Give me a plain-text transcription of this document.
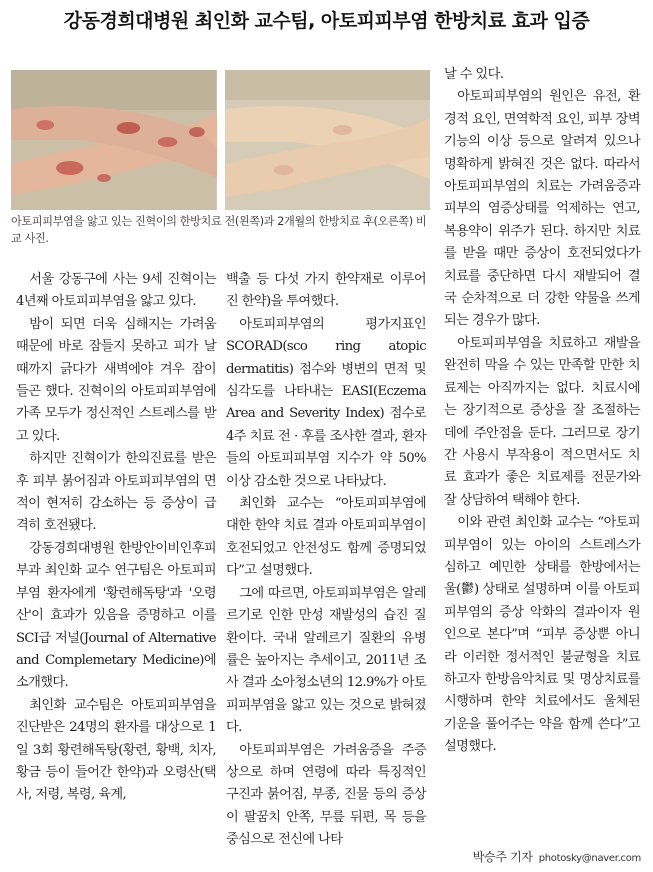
강동경희대병원 최인화 교수팀, 아토피피부염 한방치료 효과 입증
아토피피부염을 앓고 있는 진혁이의 한방치료 전(왼쪽)과 2개월의 한방치료 후(오른쪽) 비교 사진.

서울 강동구에 사는 9세 진혁이는 4년째 아토피피부염을 앓고 있다.

밤이 되면 더욱 심해지는 가려움 때문에 바로 잠들지 못하고 피가 날 때까지 긁다가 새벽에야 겨우 잠이 들곤 했다. 진혁이의 아토피피부염에 가족 모두가 정신적인 스트레스를 받고 있다.

하지만 진혁이가 한의진료를 받은 후 피부 붉어짐과 아토피피부염의 면적이 현저히 감소하는 등 증상이 급격히 호전됐다.

강동경희대병원 한방안이비인후피부과 최인화 교수 연구팀은 아토피피부염 환자에게 '황련해독탕'과 '오령산'이 효과가 있음을 증명하고 이를 SCI급 저널(Journal of Alternative and Complemetary Medicine)에 소개했다.

최인화 교수팀은 아토피피부염을 진단받은 24명의 환자를 대상으로 1일 3회 황련해독탕(황련, 황백, 치자, 황금 등이 들어간 한약)과 오령산(택사, 저령, 복령, 육계,

백출 등 다섯 가지 한약재로 이루어진 한약)을 투여했다.

아토피피부염의 평가지표인 SCORAD(sco ring atopic dermatitis) 점수와 병변의 면적 및 심각도를 나타내는 EASI(Eczema Area and Severity Index) 점수로 4주 치료 전 · 후를 조사한 결과, 환자들의 아토피피부염 지수가 약 50% 이상 감소한 것으로 나타났다.

최인화 교수는 “아토피피부염에 대한 한약 치료 결과 아토피피부염이 호전되었고 안전성도 함께 증명되었다”고 설명했다.

그에 따르면, 아토피피부염은 알레르기로 인한 만성 재발성의 습진 질환이다. 국내 알레르기 질환의 유병률은 높아지는 추세이고, 2011년 조사 결과 소아청소년의 12.9%가 아토피피부염을 앓고 있는 것으로 밝혀졌다.

아토피피부염은 가려움증을 주증상으로 하며 연령에 따라 특징적인 구진과 붉어짐, 부종, 진물 등의 증상이 팔꿈치 안쪽, 무릎 뒤편, 목 등을 중심으로 전신에 나타

날 수 있다.

아토피피부염의 원인은 유전, 환경적 요인, 면역학적 요인, 피부 장벽 기능의 이상 등으로 알려져 있으나 명확하게 밝혀진 것은 없다. 따라서 아토피피부염의 치료는 가려움증과 피부의 염증상태를 억제하는 연고, 복용약이 위주가 된다. 하지만 치료를 받을 때만 증상이 호전되었다가 치료를 중단하면 다시 재발되어 결국 순차적으로 더 강한 약물을 쓰게 되는 경우가 많다.

아토피피부염을 치료하고 재발을 완전히 막을 수 있는 만족할 만한 치료제는 아직까지는 없다. 치료시에는 장기적으로 증상을 잘 조절하는 데에 주안점을 둔다. 그러므로 장기간 사용시 부작용이 적으면서도 치료 효과가 좋은 치료제를 전문가와 잘 상담하여 택해야 한다.

이와 관련 최인화 교수는 “아토피피부염이 있는 아이의 스트레스가 심하고 예민한 상태를 한방에서는 울(鬱) 상태로 설명하며 이를 아토피피부염의 증상 악화의 결과이자 원인으로 본다”며 “피부 증상뿐 아니라 이러한 정서적인 불균형을 치료하고자 한방음악치료 및 명상치료를 시행하며 한약 치료에서도 울체된 기운을 풀어주는 약을 함께 쓴다”고 설명했다.

박승주 기자 photosky@naver.com
